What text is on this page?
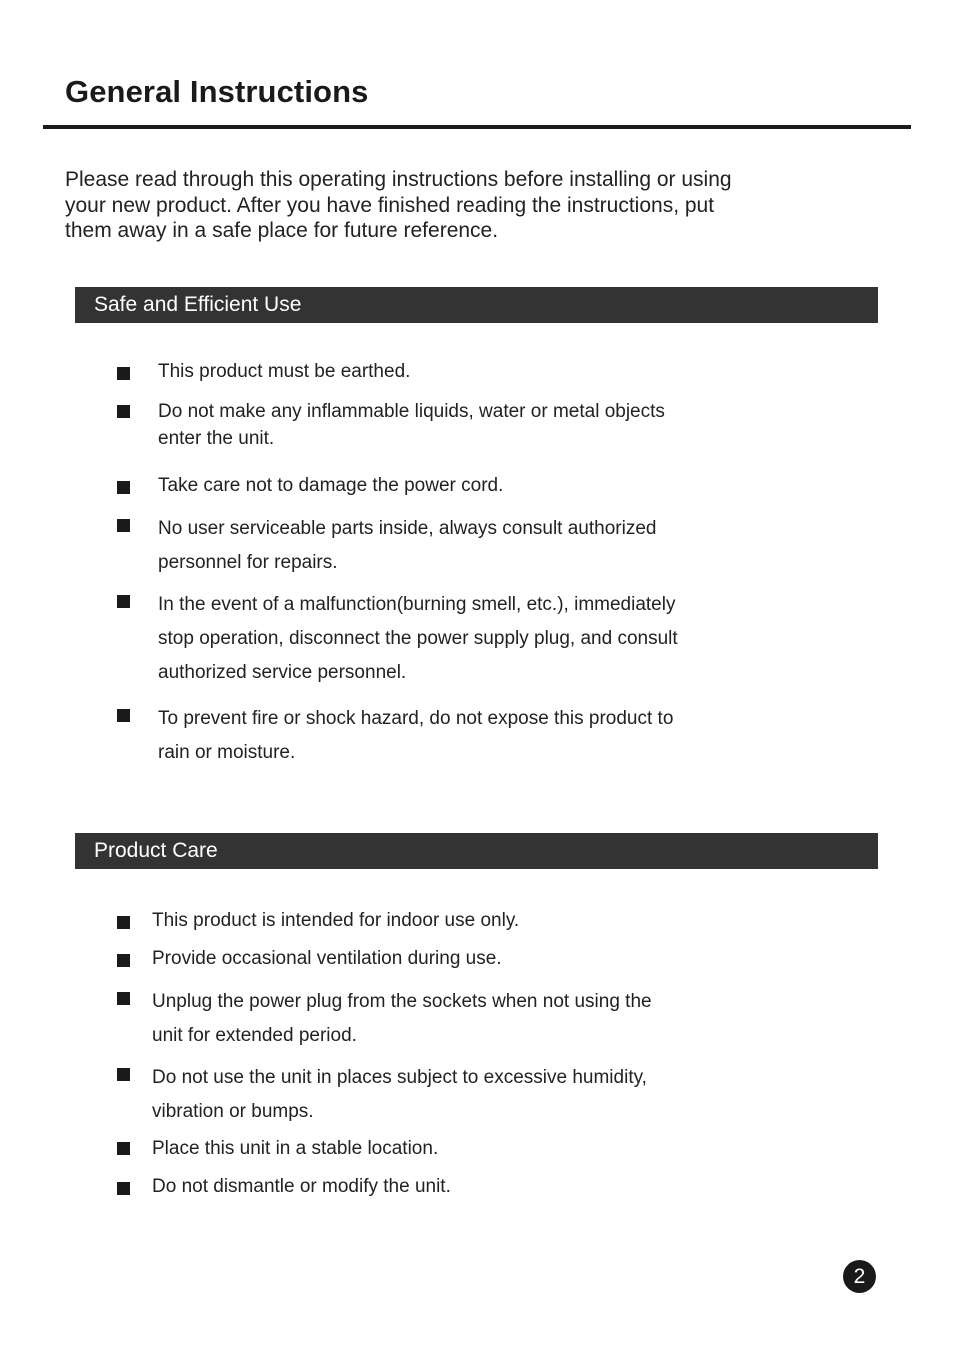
General Instructions
Please read through this operating instructions before installing or using
your new product. After you have finished reading the instructions, put
them away in a safe place for future reference.
Safe and Efficient Use
This product must be earthed.
Do not make any inflammable liquids, water or metal objects
enter the unit.
Take care not to damage the power cord.
No user serviceable parts inside, always consult authorized
personnel for repairs.
In the event of a malfunction(burning smell, etc.), immediately
stop operation, disconnect the power supply plug, and consult
authorized service personnel.
To prevent fire or shock hazard, do not expose this product to
rain or moisture.
Product Care
This product is intended for indoor use only.
Provide occasional ventilation during use.
Unplug the power plug from the sockets when not using the
unit for extended period.
Do not use the unit in places subject to excessive humidity,
vibration or bumps.
Place this unit in a stable location.
Do not dismantle or modify the unit.
2
